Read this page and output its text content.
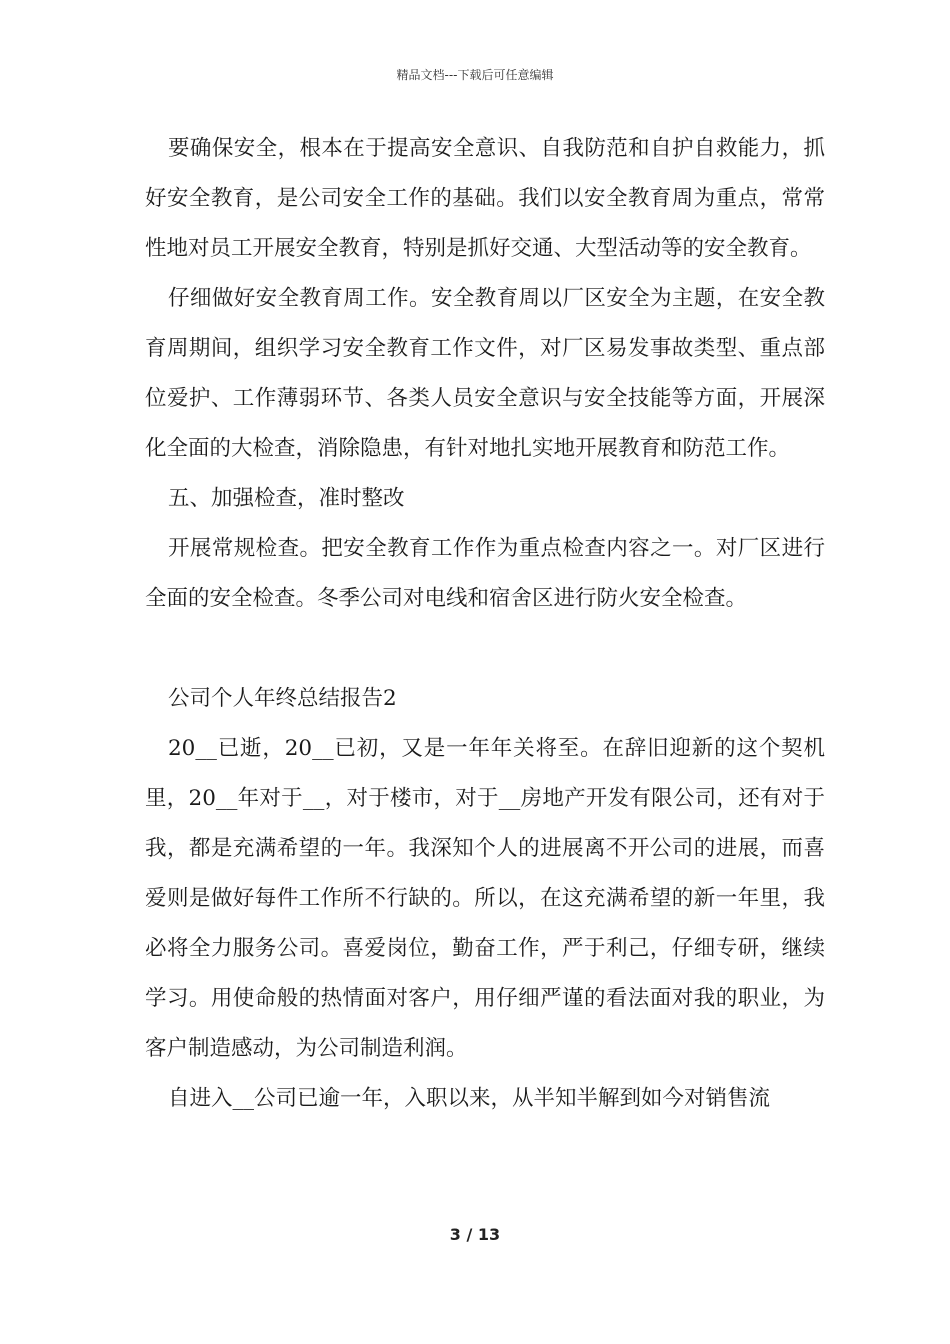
精品文档---下载后可任意编辑

要确保安全，根本在于提高安全意识、自我防范和自护自救能力，抓好安全教育，是公司安全工作的基础。我们以安全教育周为重点，常常性地对员工开展安全教育，特别是抓好交通、大型活动等的安全教育。

仔细做好安全教育周工作。安全教育周以厂区安全为主题，在安全教育周期间，组织学习安全教育工作文件，对厂区易发事故类型、重点部位爱护、工作薄弱环节、各类人员安全意识与安全技能等方面，开展深化全面的大检查，消除隐患，有针对地扎实地开展教育和防范工作。

五、加强检查，准时整改

开展常规检查。把安全教育工作作为重点检查内容之一。对厂区进行全面的安全检查。冬季公司对电线和宿舍区进行防火安全检查。

公司个人年终总结报告2

20__已逝，20__已初，又是一年年关将至。在辞旧迎新的这个契机里，20__年对于__，对于楼市，对于__房地产开发有限公司，还有对于我，都是充满希望的一年。我深知个人的进展离不开公司的进展，而喜爱则是做好每件工作所不行缺的。所以，在这充满希望的新一年里，我必将全力服务公司。喜爱岗位，勤奋工作，严于利己，仔细专研，继续学习。用使命般的热情面对客户，用仔细严谨的看法面对我的职业，为客户制造感动，为公司制造利润。

自进入__公司已逾一年，入职以来，从半知半解到如今对销售流

3 / 13
